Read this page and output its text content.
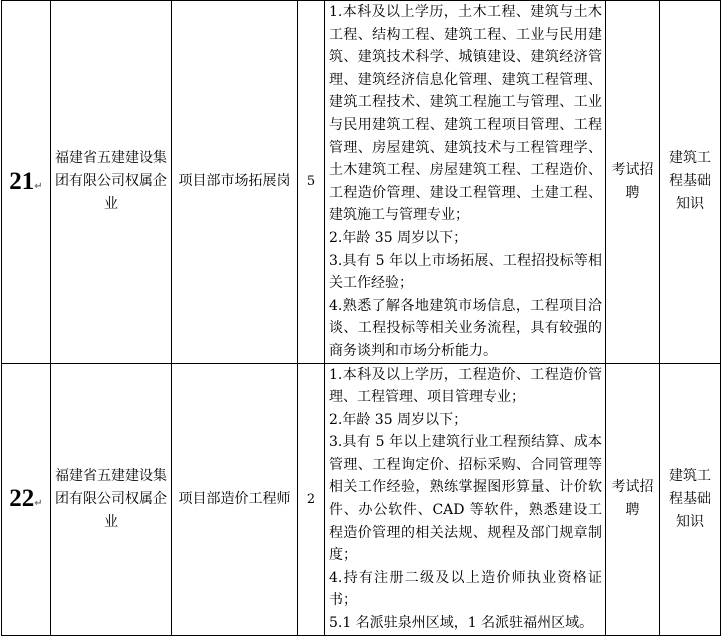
21↵	福建省五建建设集团有限公司权属企业	项目部市场拓展岗	5	1.本科及以上学历，土木工程、建筑与土木工程、结构工程、建筑工程、工业与民用建筑、建筑技术科学、城镇建设、建筑经济管理、建筑经济信息化管理、建筑工程管理、建筑工程技术、建筑工程施工与管理、工业与民用建筑工程、建筑工程项目管理、工程管理、房屋建筑、建筑技术与工程管理学、土木建筑工程、房屋建筑工程、工程造价、工程造价管理、建设工程管理、土建工程、建筑施工与管理专业；

2.年龄 35 周岁以下；

3.具有 5 年以上市场拓展、工程招投标等相关工作经验；

4.熟悉了解各地建筑市场信息，工程项目洽谈、工程投标等相关业务流程，具有较强的商务谈判和市场分析能力。	考试招聘	建筑工程基础知识

22↵	福建省五建建设集团有限公司权属企业	项目部造价工程师	2	1.本科及以上学历，工程造价、工程造价管理、工程管理、项目管理专业；

2.年龄 35 周岁以下；

3.具有 5 年以上建筑行业工程预结算、成本管理、工程询定价、招标采购、合同管理等相关工作经验，熟练掌握图形算量、计价软件、办公软件、CAD 等软件，熟悉建设工程造价管理的相关法规、规程及部门规章制度；

4.持有注册二级及以上造价师执业资格证书；

5.1 名派驻泉州区域，1 名派驻福州区域。	考试招聘	建筑工程基础知识
